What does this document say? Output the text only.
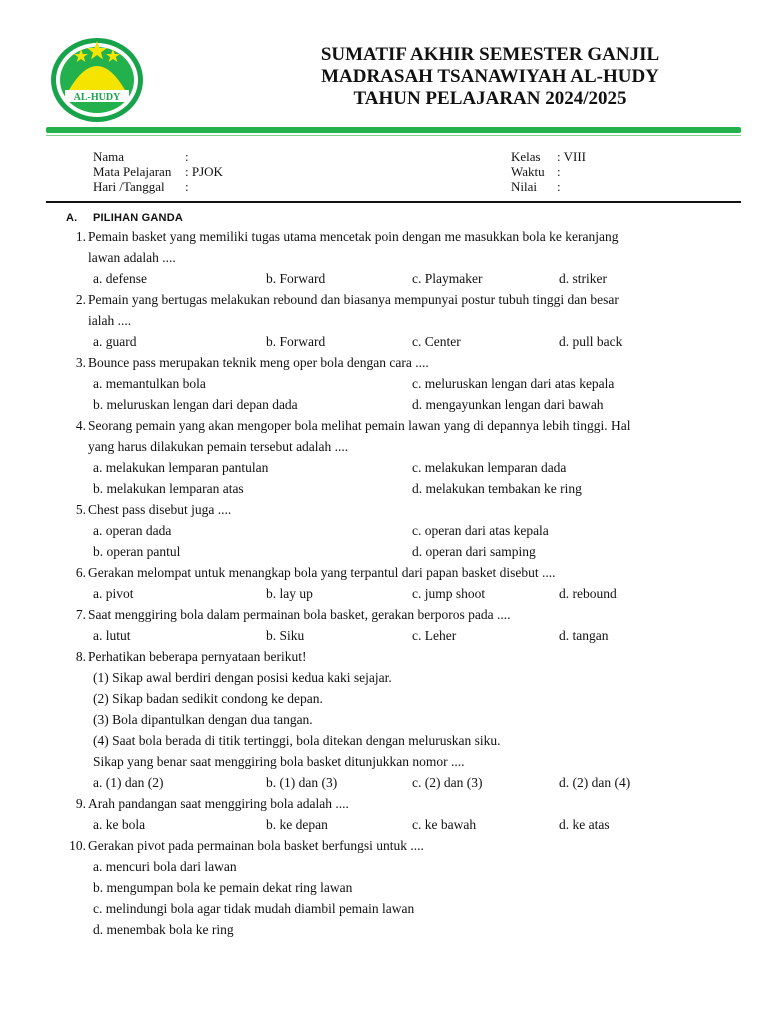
AL-HUDY
SUMATIF AKHIR SEMESTER GANJIL
MADRASAH TSANAWIYAH AL-HUDY
TAHUN PELAJARAN 2024/2025
Nama	:
Mata Pelajaran	: PJOK
Hari /Tanggal	:
Kelas	: VIII
Waktu :
Nilai	:
A. PILIHAN GANDA
1. Pemain basket yang memiliki tugas utama mencetak poin dengan me masukkan bola ke keranjang
lawan adalah ....
a. defense	b. Forward	c. Playmaker	d. striker
2. Pemain yang bertugas melakukan rebound dan biasanya mempunyai postur tubuh tinggi dan besar
ialah ....
a. guard	b. Forward	c. Center	d. pull back
3. Bounce pass merupakan teknik meng oper bola dengan cara ....
a. memantulkan bola	c. meluruskan lengan dari atas kepala
b. meluruskan lengan dari depan dada	d. mengayunkan lengan dari bawah
4. Seorang pemain yang akan mengoper bola melihat pemain lawan yang di depannya lebih tinggi. Hal
yang harus dilakukan pemain tersebut adalah ....
a. melakukan lemparan pantulan	c. melakukan lemparan dada
b. melakukan lemparan atas	d. melakukan tembakan ke ring
5. Chest pass disebut juga ....
a. operan dada	c. operan dari atas kepala
b. operan pantul	d. operan dari samping
6. Gerakan melompat untuk menangkap bola yang terpantul dari papan basket disebut ....
a. pivot	b. lay up	c. jump shoot	d. rebound
7. Saat menggiring bola dalam permainan bola basket, gerakan berporos pada ....
a. lutut	b. Siku	c. Leher	d. tangan
8. Perhatikan beberapa pernyataan berikut!
(1) Sikap awal berdiri dengan posisi kedua kaki sejajar.
(2) Sikap badan sedikit condong ke depan.
(3) Bola dipantulkan dengan dua tangan.
(4) Saat bola berada di titik tertinggi, bola ditekan dengan meluruskan siku.
Sikap yang benar saat menggiring bola basket ditunjukkan nomor ....
a. (1) dan (2)	b. (1) dan (3)	c. (2) dan (3)	d. (2) dan (4)
9. Arah pandangan saat menggiring bola adalah ....
a. ke bola	b. ke depan	c. ke bawah	d. ke atas
10. Gerakan pivot pada permainan bola basket berfungsi untuk ....
a. mencuri bola dari lawan
b. mengumpan bola ke pemain dekat ring lawan
c. melindungi bola agar tidak mudah diambil pemain lawan
d. menembak bola ke ring
